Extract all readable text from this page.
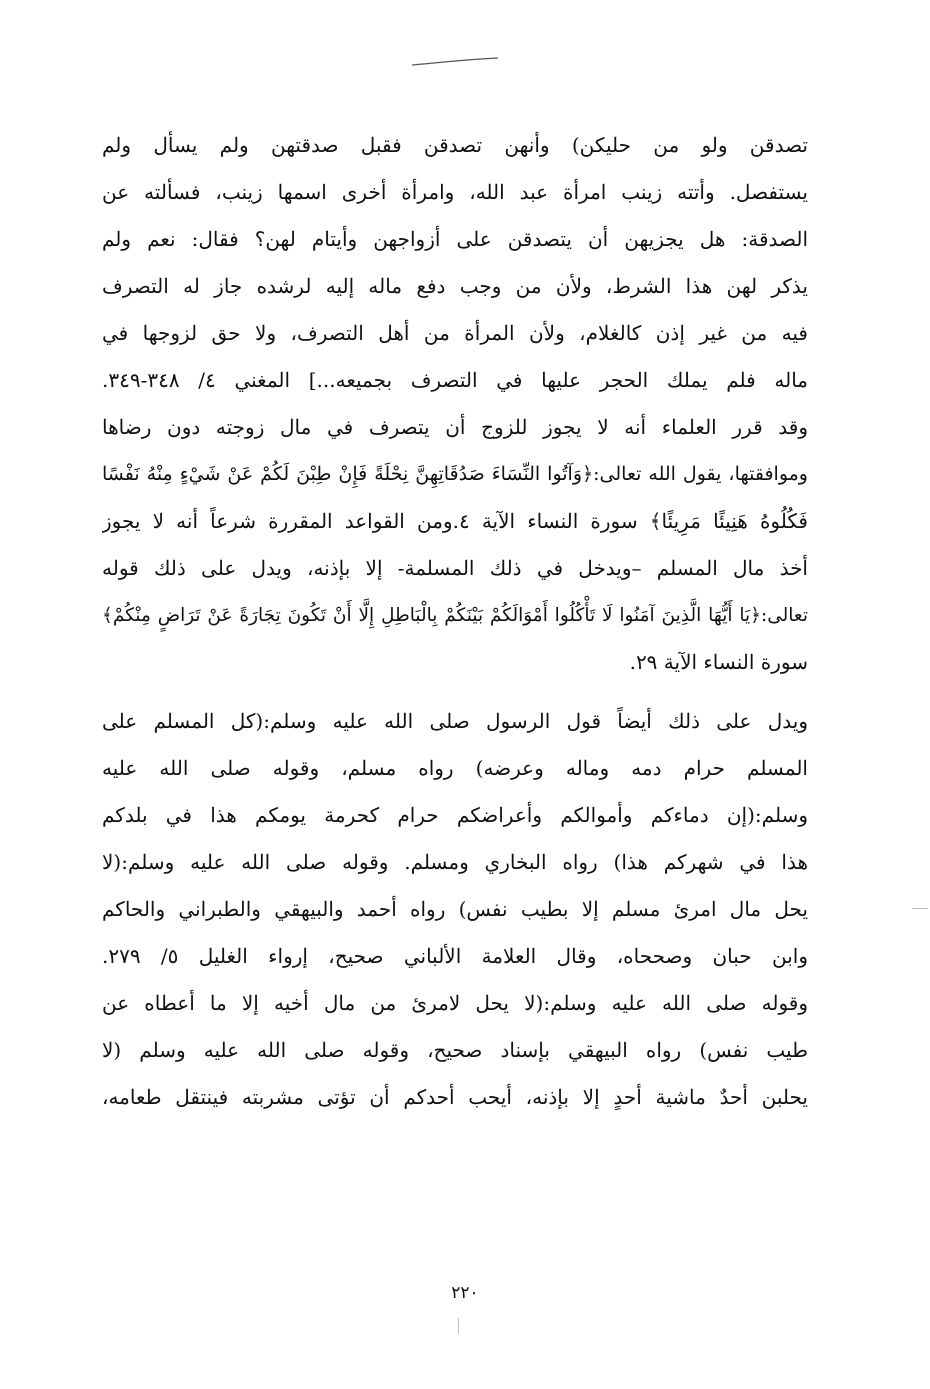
تصدقن ولو من حليكن) وأنهن تصدقن فقبل صدقتهن ولم يسأل ولم
يستفصل. وأتته زينب امرأة عبد الله، وامرأة أخرى اسمها زينب، فسألته عن
الصدقة: هل يجزيهن أن يتصدقن على أزواجهن وأيتام لهن؟ فقال: نعم ولم
يذكر لهن هذا الشرط، ولأن من وجب دفع ماله إليه لرشده جاز له التصرف
فيه من غير إذن كالغلام، ولأن المرأة من أهل التصرف، ولا حق لزوجها في
ماله فلم يملك الحجر عليها في التصرف بجميعه...] المغني ٤/ ٣٤٨-٣٤٩.
وقد قرر العلماء أنه لا يجوز للزوج أن يتصرف في مال زوجته دون رضاها
وموافقتها، يقول الله تعالى:﴿وَآتُوا النِّسَاءَ صَدُقَاتِهِنَّ نِحْلَةً فَإِنْ طِبْنَ لَكُمْ عَنْ شَيْءٍ مِنْهُ نَفْسًا
فَكُلُوهُ هَنِيئًا مَرِيئًا﴾ سورة النساء الآية ٤.ومن القواعد المقررة شرعاً أنه لا يجوز
أخذ مال المسلم –ويدخل في ذلك المسلمة- إلا بإذنه، ويدل على ذلك قوله
تعالى:﴿يَا أَيُّهَا الَّذِينَ آمَنُوا لَا تَأْكُلُوا أَمْوَالَكُمْ بَيْنَكُمْ بِالْبَاطِلِ إِلَّا أَنْ تَكُونَ تِجَارَةً عَنْ تَرَاضٍ مِنْكُمْ﴾
سورة النساء الآية ٢٩.
ويدل على ذلك أيضاً قول الرسول صلى الله عليه وسلم:(كل المسلم على
المسلم حرام دمه وماله وعرضه) رواه مسلم، وقوله صلى الله عليه
وسلم:(إن دماءكم وأموالكم وأعراضكم حرام كحرمة يومكم هذا في بلدكم
هذا في شهركم هذا) رواه البخاري ومسلم. وقوله صلى الله عليه وسلم:(لا
يحل مال امرئ مسلم إلا بطيب نفس) رواه أحمد والبيهقي والطبراني والحاكم
وابن حبان وصححاه، وقال العلامة الألباني صحيح، إرواء الغليل ٥/ ٢٧٩.
وقوله صلى الله عليه وسلم:(لا يحل لامرئ من مال أخيه إلا ما أعطاه عن
طيب نفس) رواه البيهقي بإسناد صحيح، وقوله صلى الله عليه وسلم (لا
يحلبن أحدٌ ماشية أحدٍ إلا بإذنه، أيحب أحدكم أن تؤتى مشربته فينتقل طعامه،
٢٢٠
